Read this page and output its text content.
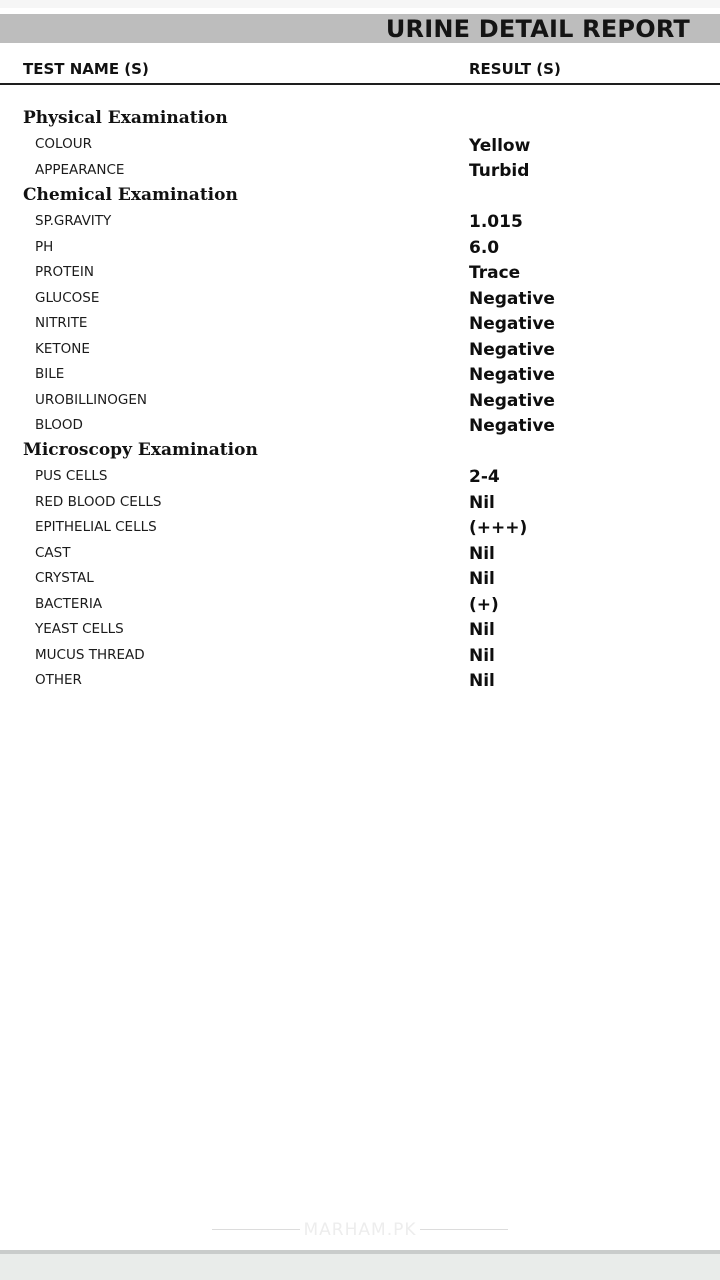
URINE DETAIL REPORT
TEST NAME (S)	RESULT (S)
Physical Examination
COLOUR	Yellow
APPEARANCE	Turbid
Chemical Examination
SP.GRAVITY	1.015
PH	6.0
PROTEIN	Trace
GLUCOSE	Negative
NITRITE	Negative
KETONE	Negative
BILE	Negative
UROBILLINOGEN	Negative
BLOOD	Negative
Microscopy Examination
PUS CELLS	2-4
RED BLOOD CELLS	Nil
EPITHELIAL CELLS	(+++)
CAST	Nil
CRYSTAL	Nil
BACTERIA	(+)
YEAST CELLS	Nil
MUCUS THREAD	Nil
OTHER	Nil
MARHAM.PK
